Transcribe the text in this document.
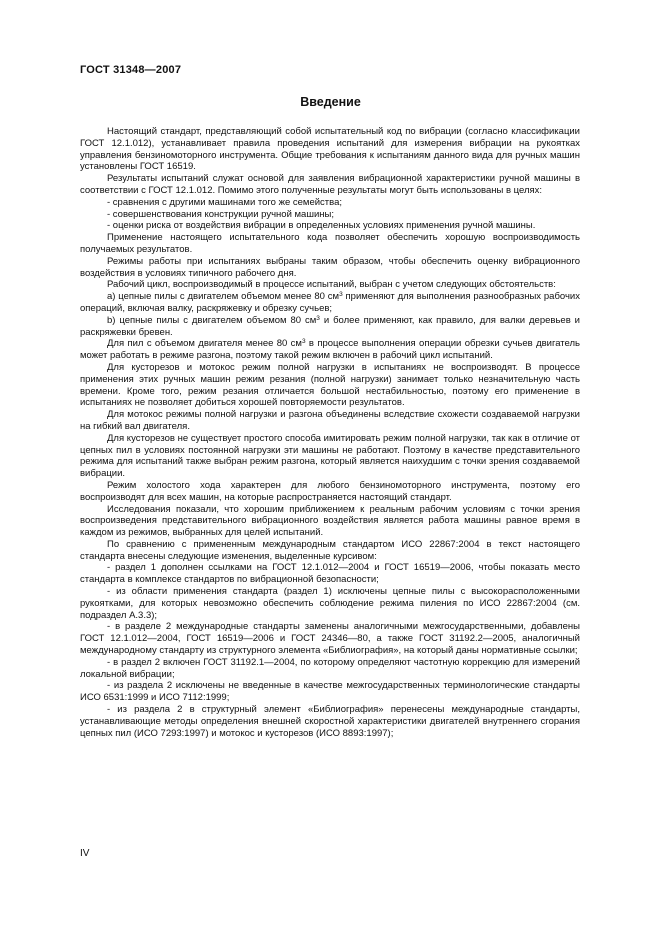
ГОСТ 31348—2007
Введение

Настоящий стандарт, представляющий собой испытательный код по вибрации (согласно классификации ГОСТ 12.1.012), устанавливает правила проведения испытаний для измерения вибрации на рукоятках управления бензиномоторного инструмента. Общие требования к испытаниям данного вида для ручных машин установлены ГОСТ 16519.

Результаты испытаний служат основой для заявления вибрационной характеристики ручной машины в соответствии с ГОСТ 12.1.012. Помимо этого полученные результаты могут быть использованы в целях:

- сравнения с другими машинами того же семейства;

- совершенствования конструкции ручной машины;

- оценки риска от воздействия вибрации в определенных условиях применения ручной машины.

Применение настоящего испытательного кода позволяет обеспечить хорошую воспроизводимость получаемых результатов.

Режимы работы при испытаниях выбраны таким образом, чтобы обеспечить оценку вибрационного воздействия в условиях типичного рабочего дня.

Рабочий цикл, воспроизводимый в процессе испытаний, выбран с учетом следующих обстоятельств:

а) цепные пилы с двигателем объемом менее 80 $см^3$ применяют для выполнения разнообразных рабочих операций, включая валку, раскряжевку и обрезку сучьев;

b) цепные пилы с двигателем объемом 80 $см^3$ и более применяют, как правило, для валки деревьев и раскряжевки бревен.

Для пил с объемом двигателя менее 80 $см^3$ в процессе выполнения операции обрезки сучьев двигатель может работать в режиме разгона, поэтому такой режим включен в рабочий цикл испытаний.

Для кусторезов и мотокос режим полной нагрузки в испытаниях не воспроизводят. В процессе применения этих ручных машин режим резания (полной нагрузки) занимает только незначительную часть времени. Кроме того, режим резания отличается большой нестабильностью, поэтому его применение в испытаниях не позволяет добиться хорошей повторяемости результатов.

Для мотокос режимы полной нагрузки и разгона объединены вследствие схожести создаваемой нагрузки на гибкий вал двигателя.

Для кусторезов не существует простого способа имитировать режим полной нагрузки, так как в отличие от цепных пил в условиях постоянной нагрузки эти машины не работают. Поэтому в качестве представительного режима для испытаний также выбран режим разгона, который является наихудшим с точки зрения создаваемой вибрации.

Режим холостого хода характерен для любого бензиномоторного инструмента, поэтому его воспроизводят для всех машин, на которые распространяется настоящий стандарт.

Исследования показали, что хорошим приближением к реальным рабочим условиям с точки зрения воспроизведения представительного вибрационного воздействия является работа машины равное время в каждом из режимов, выбранных для целей испытаний.

По сравнению с примененным международным стандартом ИСО 22867:2004 в текст настоящего стандарта внесены следующие изменения, выделенные курсивом:

- раздел 1 дополнен ссылками на ГОСТ 12.1.012—2004 и ГОСТ 16519—2006, чтобы показать место стандарта в комплексе стандартов по вибрационной безопасности;

- из области применения стандарта (раздел 1) исключены цепные пилы с высокорасположенными рукоятками, для которых невозможно обеспечить соблюдение режима пиления по ИСО 22867:2004 (см. подраздел А.3.3);

- в разделе 2 международные стандарты заменены аналогичными межгосударственными, добавлены ГОСТ 12.1.012—2004, ГОСТ 16519—2006 и ГОСТ 24346—80, а также ГОСТ 31192.2—2005, аналогичный международному стандарту из структурного элемента «Библиография», на который даны нормативные ссылки;

- в раздел 2 включен ГОСТ 31192.1—2004, по которому определяют частотную коррекцию для измерений локальной вибрации;

- из раздела 2 исключены не введенные в качестве межгосударственных терминологические стандарты ИСО 6531:1999 и ИСО 7112:1999;

- из раздела 2 в структурный элемент «Библиография» перенесены международные стандарты, устанавливающие методы определения внешней скоростной характеристики двигателей внутреннего сгорания цепных пил (ИСО 7293:1997) и мотокос и кусторезов (ИСО 8893:1997);

IV
